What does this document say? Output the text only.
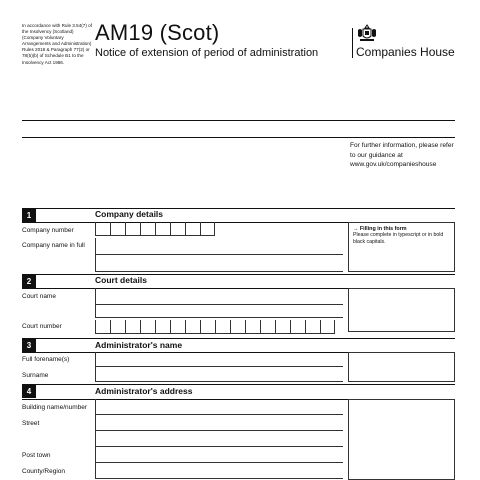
In accordance with Rule 3.54(7) of the Insolvency (Scotland) (Company Voluntary Arrangements and Administration) Rules 2018 & Paragraph 77(2) or 78(5)(b) of Schedule B1 to the Insolvency Act 1986.
AM19 (Scot)
Notice of extension of period of administration	Companies House
For further information, please refer to our guidance at www.gov.uk/companieshouse
1	Company details
Company number
Company name in full
→ Filling in this form
Please complete in typescript or in bold black capitals.
2	Court details
Court name
Court number
3	Administrator's name
Full forename(s)
Surname
4	Administrator's address
Building name/number
Street
Post town
County/Region
